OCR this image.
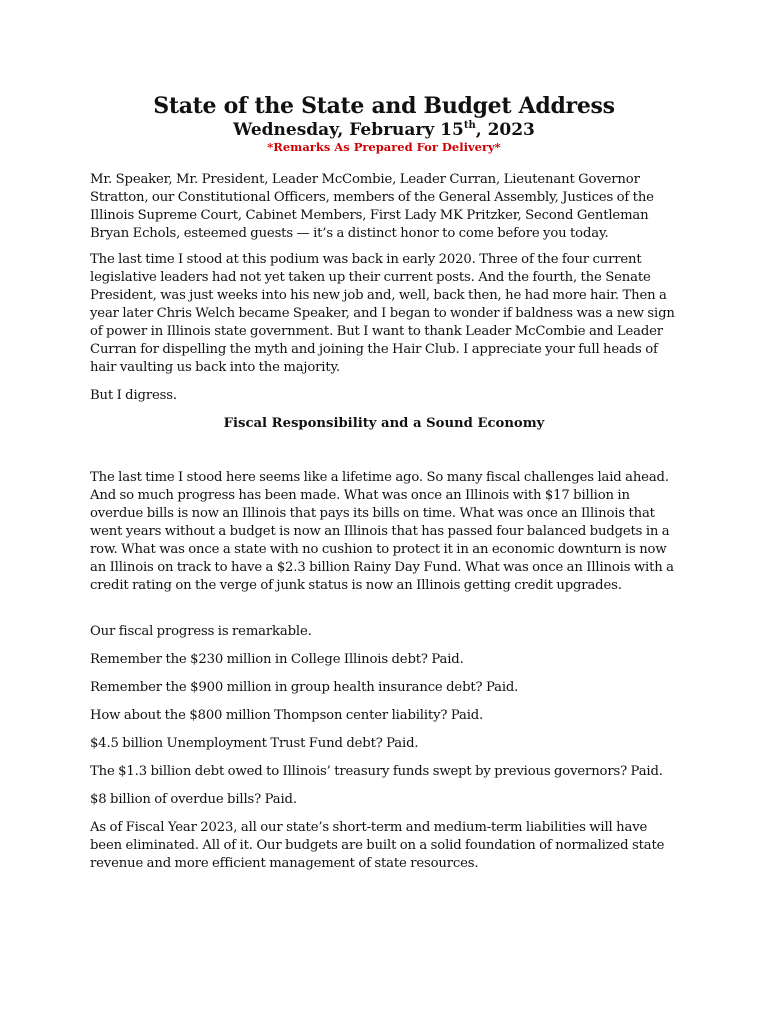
State of the State and Budget Address
Wednesday, February 15th, 2023
*Remarks As Prepared For Delivery*

Mr. Speaker, Mr. President, Leader McCombie, Leader Curran, Lieutenant Governor Stratton, our Constitutional Officers, members of the General Assembly, Justices of the Illinois Supreme Court, Cabinet Members, First Lady MK Pritzker, Second Gentleman Bryan Echols, esteemed guests — it’s a distinct honor to come before you today.

The last time I stood at this podium was back in early 2020. Three of the four current legislative leaders had not yet taken up their current posts. And the fourth, the Senate President, was just weeks into his new job and, well, back then, he had more hair. Then a year later Chris Welch became Speaker, and I began to wonder if baldness was a new sign of power in Illinois state government. But I want to thank Leader McCombie and Leader Curran for dispelling the myth and joining the Hair Club. I appreciate your full heads of hair vaulting us back into the majority.

But I digress.

Fiscal Responsibility and a Sound Economy

The last time I stood here seems like a lifetime ago. So many fiscal challenges laid ahead. And so much progress has been made. What was once an Illinois with $17 billion in overdue bills is now an Illinois that pays its bills on time. What was once an Illinois that went years without a budget is now an Illinois that has passed four balanced budgets in a row. What was once a state with no cushion to protect it in an economic downturn is now an Illinois on track to have a $2.3 billion Rainy Day Fund. What was once an Illinois with a credit rating on the verge of junk status is now an Illinois getting credit upgrades.

Our fiscal progress is remarkable.

Remember the $230 million in College Illinois debt? Paid.

Remember the $900 million in group health insurance debt? Paid.

How about the $800 million Thompson center liability? Paid.

$4.5 billion Unemployment Trust Fund debt? Paid.

The $1.3 billion debt owed to Illinois’ treasury funds swept by previous governors? Paid.

$8 billion of overdue bills? Paid.

As of Fiscal Year 2023, all our state’s short-term and medium-term liabilities will have been eliminated. All of it. Our budgets are built on a solid foundation of normalized state revenue and more efficient management of state resources.
